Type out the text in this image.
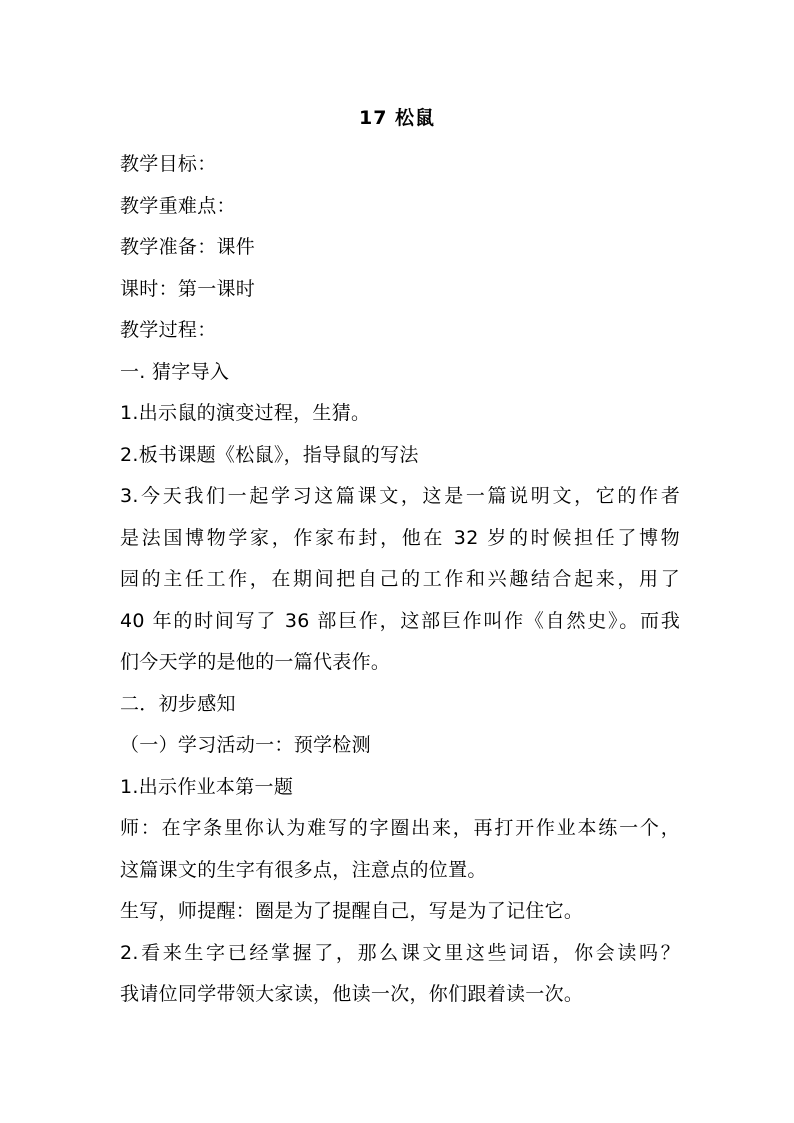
17 松鼠
教学目标：
教学重难点：
教学准备：课件
课时：第一课时
教学过程：
一. 猜字导入
1.出示鼠的演变过程，生猜。
2.板书课题《松鼠》，指导鼠的写法
3.今天我们一起学习这篇课文，这是一篇说明文，它的作者
是法国博物学家，作家布封，他在 32 岁的时候担任了博物
园的主任工作，在期间把自己的工作和兴趣结合起来，用了
40 年的时间写了 36 部巨作，这部巨作叫作《自然史》。而我
们今天学的是他的一篇代表作。
二．初步感知
（一）学习活动一：预学检测
1.出示作业本第一题
师：在字条里你认为难写的字圈出来，再打开作业本练一个，
这篇课文的生字有很多点，注意点的位置。
生写，师提醒：圈是为了提醒自己，写是为了记住它。
2.看来生字已经掌握了，那么课文里这些词语，你会读吗？
我请位同学带领大家读，他读一次，你们跟着读一次。
